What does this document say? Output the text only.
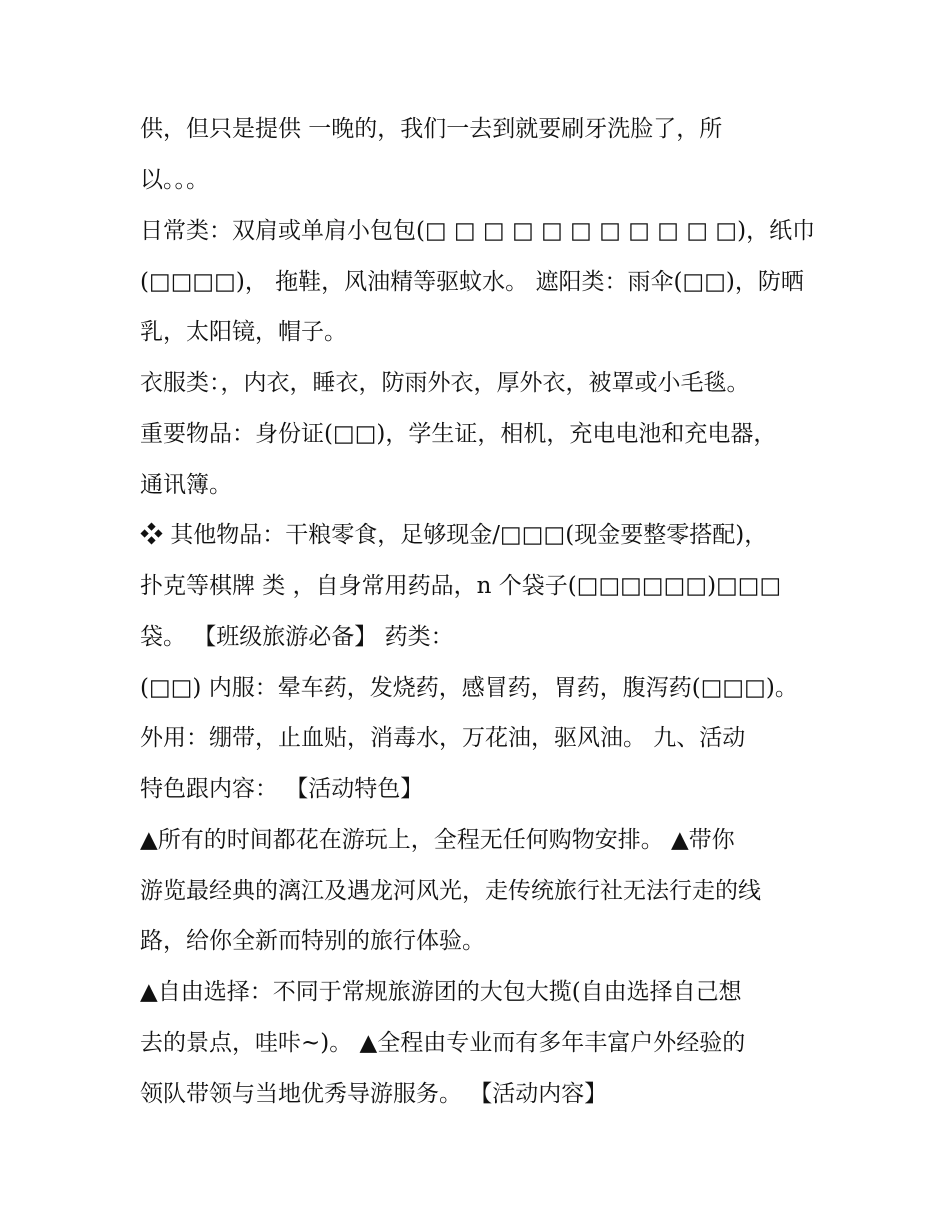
供，但只是提供 一晚的，我们一去到就要刷牙洗脸了，所
以。。。
日常类：双肩或单肩小包包(□ □ □ □ □ □ □ □ □ □ □)，纸巾
(□□□□)， 拖鞋，风油精等驱蚊水。 遮阳类：雨伞(□□)，防晒
乳，太阳镜，帽子。
衣服类：，内衣，睡衣，防雨外衣，厚外衣，被罩或小毛毯。
重要物品：身份证(□□)，学生证，相机，充电电池和充电器，
通讯簿。
❖ 其他物品：干粮零食，足够现金/□□□(现金要整零搭配)，
扑克等棋牌 类 ，自身常用药品，n 个袋子(□□□□□□)□□□
袋。 【班级旅游必备】 药类：
(□□) 内服：晕车药，发烧药，感冒药，胃药，腹泻药(□□□)。
外用：绷带，止血贴，消毒水，万花油，驱风油。 九、活动
特色跟内容： 【活动特色】
▲所有的时间都花在游玩上，全程无任何购物安排。 ▲带你
游览最经典的漓江及遇龙河风光，走传统旅行社无法行走的线
路，给你全新而特别的旅行体验。
▲自由选择：不同于常规旅游团的大包大揽(自由选择自己想
去的景点，哇咔~)。 ▲全程由专业而有多年丰富户外经验的
领队带领与当地优秀导游服务。 【活动内容】
